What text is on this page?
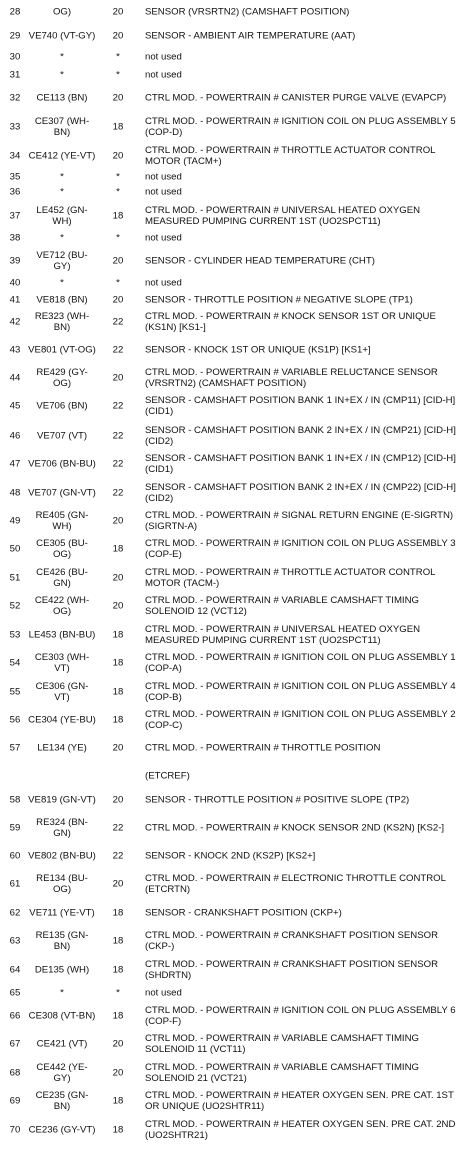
28	OG)	20	SENSOR (VRSRTN2) (CAMSHAFT POSITION)
29 VE740 (VT-GY)	20	SENSOR - AMBIENT AIR TEMPERATURE (AAT)
30	*	*	not used
31	*	*	not used
32	CE113 (BN)	20	CTRL MOD. - POWERTRAIN # CANISTER PURGE VALVE (EVAPCP)
33	CE307 (WH-BN)	18	CTRL MOD. - POWERTRAIN # IGNITION COIL ON PLUG ASSEMBLY 5 (COP-D)
34 CE412 (YE-VT)	20	CTRL MOD. - POWERTRAIN # THROTTLE ACTUATOR CONTROL MOTOR (TACM+)
35	*	*	not used
36	*	*	not used
37	LE452 (GN-WH)	18	CTRL MOD. - POWERTRAIN # UNIVERSAL HEATED OXYGEN MEASURED PUMPING CURRENT 1ST (UO2SPCT11)
38	*	*	not used
39	VE712 (BU-GY)	20	SENSOR - CYLINDER HEAD TEMPERATURE (CHT)
40	*	*	not used
41	VE818 (BN)	20	SENSOR - THROTTLE POSITION # NEGATIVE SLOPE (TP1)
42	RE323 (WH-BN)	22	CTRL MOD. - POWERTRAIN # KNOCK SENSOR 1ST OR UNIQUE (KS1N) [KS1-]
43 VE801 (VT-OG)	22	SENSOR - KNOCK 1ST OR UNIQUE (KS1P) [KS1+]
44	RE429 (GY-OG)	20	CTRL MOD. - POWERTRAIN # VARIABLE RELUCTANCE SENSOR (VRSRTN2) (CAMSHAFT POSITION)
45	VE706 (BN)	22	SENSOR - CAMSHAFT POSITION BANK 1 IN+EX / IN (CMP11) [CID-H] (CID1)
46	VE707 (VT)	22	SENSOR - CAMSHAFT POSITION BANK 2 IN+EX / IN (CMP21) [CID-H] (CID2)
47 VE706 (BN-BU)	22	SENSOR - CAMSHAFT POSITION BANK 1 IN+EX / IN (CMP12) [CID-H] (CID1)
48 VE707 (GN-VT)	22	SENSOR - CAMSHAFT POSITION BANK 2 IN+EX / IN (CMP22) [CID-H] (CID2)
49	RE405 (GN-WH)	20	CTRL MOD. - POWERTRAIN # SIGNAL RETURN ENGINE (E-SIGRTN) (SIGRTN-A)
50	CE305 (BU-OG)	18	CTRL MOD. - POWERTRAIN # IGNITION COIL ON PLUG ASSEMBLY 3 (COP-E)
51	CE426 (BU-GN)	20	CTRL MOD. - POWERTRAIN # THROTTLE ACTUATOR CONTROL MOTOR (TACM-)
52	CE422 (WH-OG)	20	CTRL MOD. - POWERTRAIN # VARIABLE CAMSHAFT TIMING SOLENOID 12 (VCT12)
53 LE453 (BN-BU)	18	CTRL MOD. - POWERTRAIN # UNIVERSAL HEATED OXYGEN MEASURED PUMPING CURRENT 1ST (UO2SPCT11)
54	CE303 (WH-VT)	18	CTRL MOD. - POWERTRAIN # IGNITION COIL ON PLUG ASSEMBLY 1 (COP-A)
55	CE306 (GN-VT)	18	CTRL MOD. - POWERTRAIN # IGNITION COIL ON PLUG ASSEMBLY 4 (COP-B)
56 CE304 (YE-BU)	18	CTRL MOD. - POWERTRAIN # IGNITION COIL ON PLUG ASSEMBLY 2 (COP-C)
57	LE134 (YE)	20	CTRL MOD. - POWERTRAIN # THROTTLE POSITION
(ETCREF)
58 VE819 (GN-VT)	20	SENSOR - THROTTLE POSITION # POSITIVE SLOPE (TP2)
59	RE324 (BN-GN)	22	CTRL MOD. - POWERTRAIN # KNOCK SENSOR 2ND (KS2N) [KS2-]
60 VE802 (BN-BU)	22	SENSOR - KNOCK 2ND (KS2P) [KS2+]
61	RE134 (BU-OG)	20	CTRL MOD. - POWERTRAIN # ELECTRONIC THROTTLE CONTROL (ETCRTN)
62 VE711 (YE-VT)	18	SENSOR - CRANKSHAFT POSITION (CKP+)
63	RE135 (GN-BN)	18	CTRL MOD. - POWERTRAIN # CRANKSHAFT POSITION SENSOR (CKP-)
64	DE135 (WH)	18	CTRL MOD. - POWERTRAIN # CRANKSHAFT POSITION SENSOR (SHDRTN)
65	*	*	not used
66 CE308 (VT-BN)	18	CTRL MOD. - POWERTRAIN # IGNITION COIL ON PLUG ASSEMBLY 6 (COP-F)
67	CE421 (VT)	20	CTRL MOD. - POWERTRAIN # VARIABLE CAMSHAFT TIMING SOLENOID 11 (VCT11)
68	CE442 (YE-GY)	20	CTRL MOD. - POWERTRAIN # VARIABLE CAMSHAFT TIMING SOLENOID 21 (VCT21)
69	CE235 (GN-BN)	18	CTRL MOD. - POWERTRAIN # HEATER OXYGEN SEN. PRE CAT. 1ST OR UNIQUE (UO2SHTR11)
70 CE236 (GY-VT)	18	CTRL MOD. - POWERTRAIN # HEATER OXYGEN SEN. PRE CAT. 2ND (UO2SHTR21)
